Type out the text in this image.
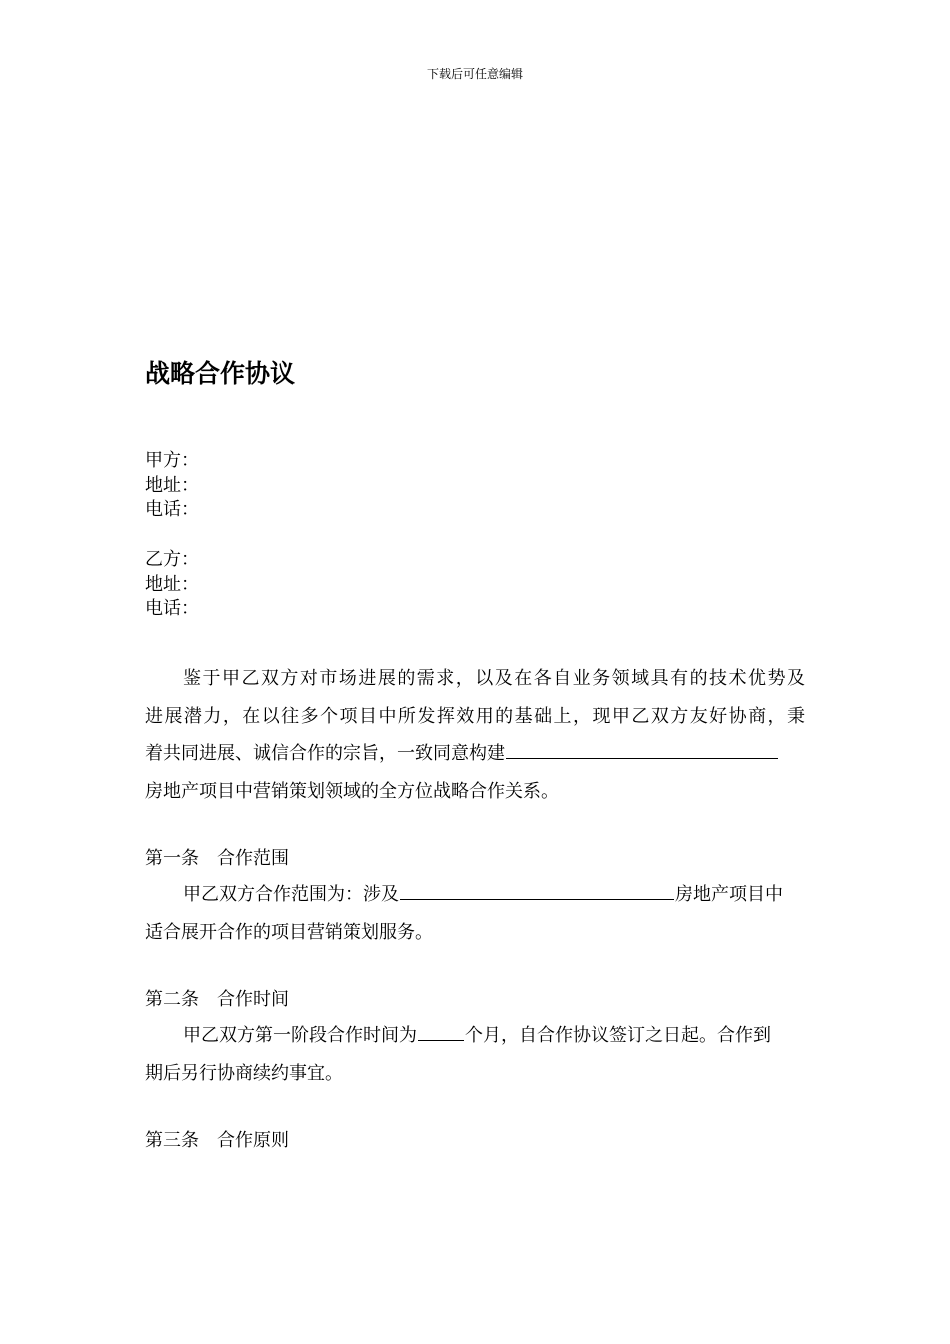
下载后可任意编辑
战略合作协议
甲方：
地址：
电话：
乙方：
地址：
电话：
鉴于甲乙双方对市场进展的需求，以及在各自业务领域具有的技术优势及
进展潜力，在以往多个项目中所发挥效用的基础上，现甲乙双方友好协商，秉
着共同进展、诚信合作的宗旨，一致同意构建
房地产项目中营销策划领域的全方位战略合作关系。
第一条　合作范围
甲乙双方合作范围为：涉及	房地产项目中
适合展开合作的项目营销策划服务。
第二条　合作时间
甲乙双方第一阶段合作时间为	个月，自合作协议签订之日起。合作到
期后另行协商续约事宜。
第三条　合作原则
